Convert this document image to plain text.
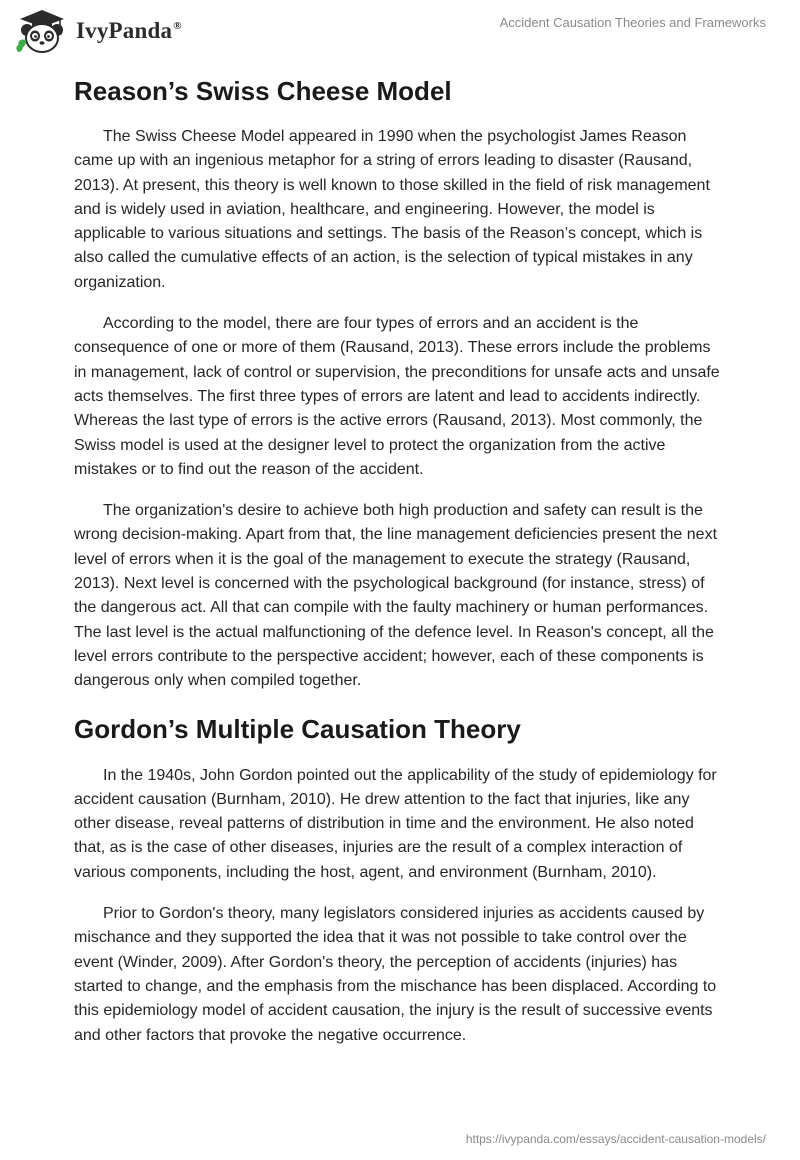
IvyPanda®	Accident Causation Theories and Frameworks
Reason’s Swiss Cheese Model

The Swiss Cheese Model appeared in 1990 when the psychologist James Reason came up with an ingenious metaphor for a string of errors leading to disaster (Rausand, 2013). At present, this theory is well known to those skilled in the field of risk management and is widely used in aviation, healthcare, and engineering. However, the model is applicable to various situations and settings. The basis of the Reason’s concept, which is also called the cumulative effects of an action, is the selection of typical mistakes in any organization.

According to the model, there are four types of errors and an accident is the consequence of one or more of them (Rausand, 2013). These errors include the problems in management, lack of control or supervision, the preconditions for unsafe acts and unsafe acts themselves. The first three types of errors are latent and lead to accidents indirectly. Whereas the last type of errors is the active errors (Rausand, 2013). Most commonly, the Swiss model is used at the designer level to protect the organization from the active mistakes or to find out the reason of the accident.

The organization's desire to achieve both high production and safety can result is the wrong decision-making. Apart from that, the line management deficiencies present the next level of errors when it is the goal of the management to execute the strategy (Rausand, 2013). Next level is concerned with the psychological background (for instance, stress) of the dangerous act. All that can compile with the faulty machinery or human performances. The last level is the actual malfunctioning of the defence level. In Reason's concept, all the level errors contribute to the perspective accident; however, each of these components is dangerous only when compiled together.

Gordon’s Multiple Causation Theory

In the 1940s, John Gordon pointed out the applicability of the study of epidemiology for accident causation (Burnham, 2010). He drew attention to the fact that injuries, like any other disease, reveal patterns of distribution in time and the environment. He also noted that, as is the case of other diseases, injuries are the result of a complex interaction of various components, including the host, agent, and environment (Burnham, 2010).

Prior to Gordon's theory, many legislators considered injuries as accidents caused by mischance and they supported the idea that it was not possible to take control over the event (Winder, 2009). After Gordon's theory, the perception of accidents (injuries) has started to change, and the emphasis from the mischance has been displaced. According to this epidemiology model of accident causation, the injury is the result of successive events and other factors that provoke the negative occurrence.

https://ivypanda.com/essays/accident-causation-models/
